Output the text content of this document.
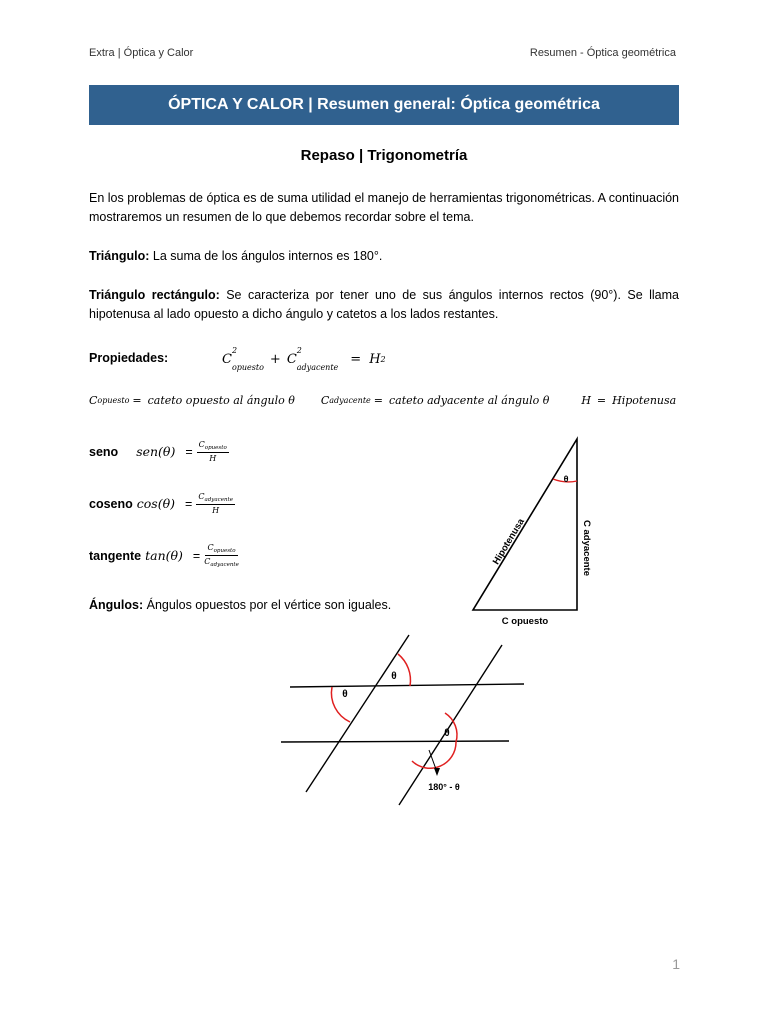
Extra | Óptica y Calor	Resumen - Óptica geométrica
ÓPTICA Y CALOR | Resumen general: Óptica geométrica
Repaso | Trigonometría
En los problemas de óptica es de suma utilidad el manejo de herramientas trigonométricas. A continuación mostraremos un resumen de lo que debemos recordar sobre el tema.
Triángulo: La suma de los ángulos internos es 180°.
Triángulo rectángulo: Se caracteriza por tener uno de sus ángulos internos rectos (90°). Se llama hipotenusa al lado opuesto a dicho ángulo y catetos a los lados restantes.
Propiedades:	C
2
opuesto
+ C
2
adyacente
= H 2
C opuesto = cateto opuesto al ángulo θ C adyacente = cateto adyacente al ángulo θ	H = Hipotenusa
seno $sen(\theta) = \frac{C_{opuesto}}{H}$
coseno $\cos(\theta) = \frac{C_{adyacente}}{H}$
tangente $\tan(\theta) = \frac{C_{opuesto}}{C_{adyacente}}$
Ángulos: Ángulos opuestos por el vértice son iguales.
θ
Hipotenusa	C adyacente
C opuesto
θ
θ
θ
180° - θ
1
